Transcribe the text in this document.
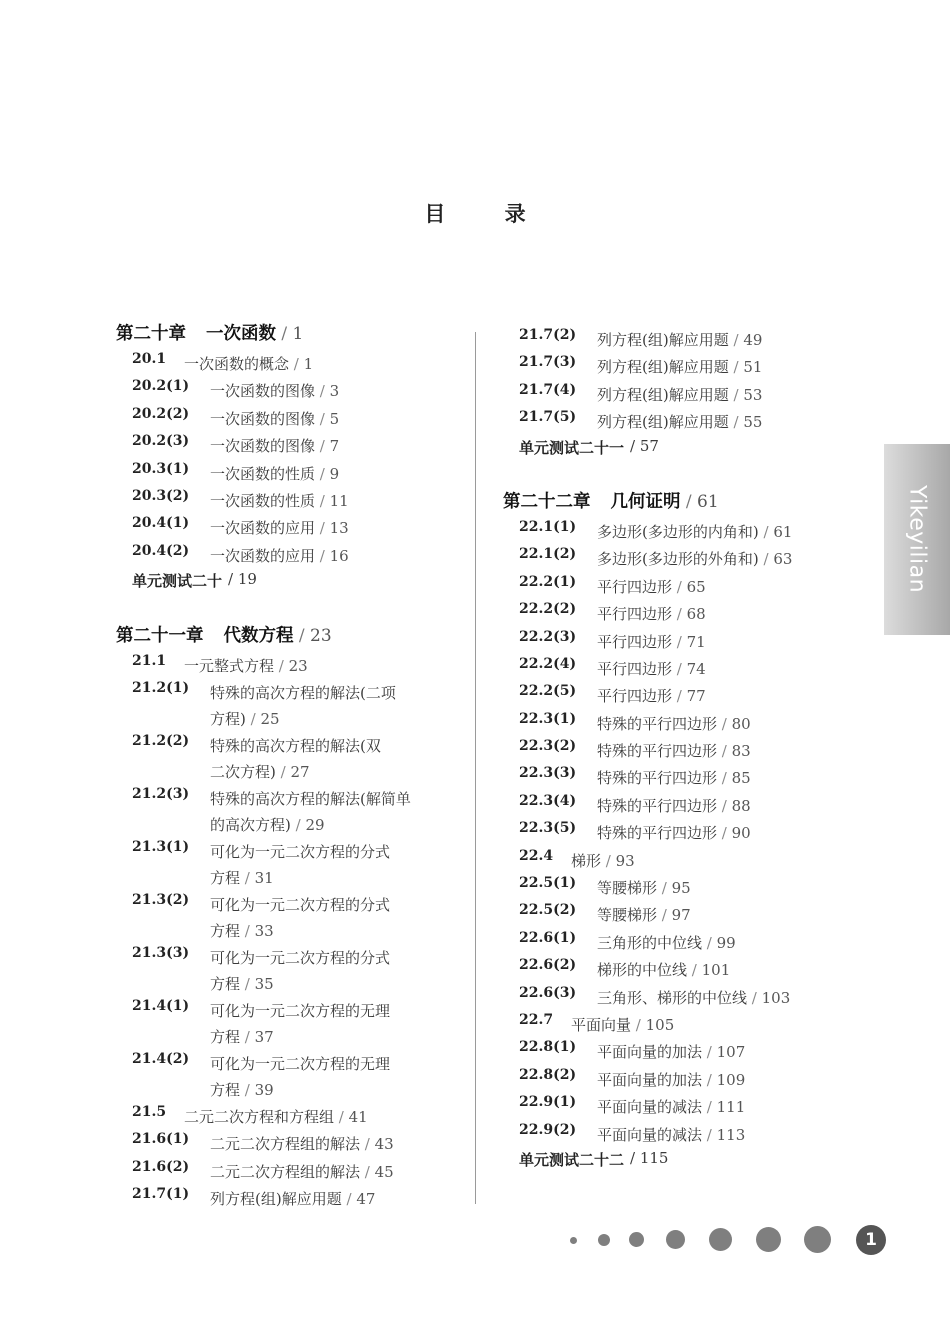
目 录
第二十章 一次函数 / 1
20.1 一次函数的概念 / 1
20.2(1) 一次函数的图像 / 3
20.2(2) 一次函数的图像 / 5
20.2(3) 一次函数的图像 / 7
20.3(1) 一次函数的性质 / 9
20.3(2) 一次函数的性质 / 11
20.4(1) 一次函数的应用 / 13
20.4(2) 一次函数的应用 / 16
单元测试二十 / 19
第二十一章 代数方程 / 23
21.1 一元整式方程 / 23
21.2(1) 特殊的高次方程的解法(二项
方程) / 25
21.2(2) 特殊的高次方程的解法(双
二次方程) / 27
21.2(3) 特殊的高次方程的解法(解简单
的高次方程) / 29
21.3(1) 可化为一元二次方程的分式
方程 / 31
21.3(2) 可化为一元二次方程的分式
方程 / 33
21.3(3) 可化为一元二次方程的分式
方程 / 35
21.4(1) 可化为一元二次方程的无理
方程 / 37
21.4(2) 可化为一元二次方程的无理
方程 / 39
21.5 二元二次方程和方程组 / 41
21.6(1) 二元二次方程组的解法 / 43
21.6(2) 二元二次方程组的解法 / 45
21.7(1) 列方程(组)解应用题 / 47
21.7(2) 列方程(组)解应用题 / 49
21.7(3) 列方程(组)解应用题 / 51
21.7(4) 列方程(组)解应用题 / 53
21.7(5) 列方程(组)解应用题 / 55
单元测试二十一 / 57
第二十二章 几何证明 / 61
22.1(1) 多边形(多边形的内角和) / 61
22.1(2) 多边形(多边形的外角和) / 63
22.2(1) 平行四边形 / 65
22.2(2) 平行四边形 / 68
22.2(3) 平行四边形 / 71
22.2(4) 平行四边形 / 74
22.2(5) 平行四边形 / 77
22.3(1) 特殊的平行四边形 / 80
22.3(2) 特殊的平行四边形 / 83
22.3(3) 特殊的平行四边形 / 85
22.3(4) 特殊的平行四边形 / 88
22.3(5) 特殊的平行四边形 / 90
22.4 梯形 / 93
22.5(1) 等腰梯形 / 95
22.5(2) 等腰梯形 / 97
22.6(1) 三角形的中位线 / 99
22.6(2) 梯形的中位线 / 101
22.6(3) 三角形、梯形的中位线 / 103
22.7 平面向量 / 105
22.8(1) 平面向量的加法 / 107
22.8(2) 平面向量的加法 / 109
22.9(1) 平面向量的减法 / 111
22.9(2) 平面向量的减法 / 113
单元测试二十二 / 115
Yikeyilian
1
